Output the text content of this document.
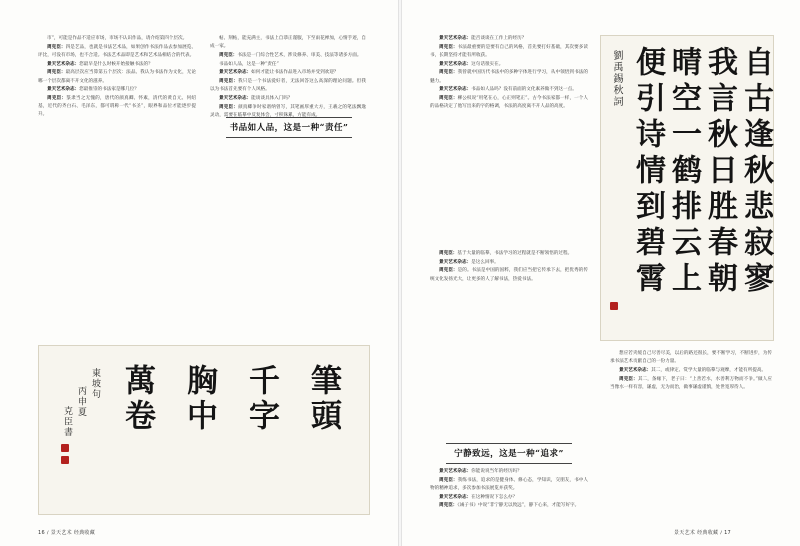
市”，可能是作品不适应市场，市场不认识作品，请介绍第四个层次。

周克臣：四是艺品，也就是书法艺术品，如果创作书法作品去参加展览、评比，可没有市场，也不合适。书法艺术品即是艺术和艺术品相结合的代表。

景天艺术杂志：您最早是什么时候开始接触书法的？

周克臣：最高层次应当算第五个层次：法品。我认为书法作为文化，无论哪一个层次都离不开文化的滋养。

景天艺术杂志：您最推崇的书法家是哪几位？

周克臣：篆隶当之无愧的，唐代的颜真卿、怀素，清代的黄自元、何绍基，近代的齐白石、毛泽东，都可谓称一代“书圣”，眼界和品位才能逐步提升。

帖、刻帖，能充满主，书法上自恭正谨服，下至雨花禅加，心情手迹，自成一家。

周克臣：书法是一门综合性艺术，涉及修养、审美、技法等诸多方面。

书品如人品，这是一种“责任”

景天艺术杂志：如何才能让书法作品进入市场并受到欢迎？

周克臣：我只是一个书法爱好者，无法回答这么高深的理论问题。但我以为书法首先要有个人风格。

景天艺术杂志：能谈谈具体入门吗？

周克臣：颜真卿争时家谱纳曾写，其笔画厚重大方，王羲之的笔法飘逸灵动，需要在临摹中反复体会，寸积铢累，方能有成。

书品如人品，这是一种“责任”
筆頭
千字
胸中
萬卷
東坡句
丙申夏
克臣書
16 / 景天艺术 经典收藏

景天艺术杂志：能否谈谈在工作上的经历？

周克臣：书法最重要的是要有自己的风格，首先要打好基础，其次要多读书，长期坚持才能有所收获。

景天艺术杂志：这句话很实在。

周克臣：我曾就中国历代书法中的多种字体进行学习，从中领悟到书法的魅力。

景天艺术杂志：书品如人品吗？没有前面的文化素养做不到这一点。

周克臣：柳公权说“用笔在心，心正则笔正”。古今书法家都一样，一个人的品格决定了他写出来的字的格调，书法的高度离不开人品的高度。

周克臣：基于大量的临摹，书法学习的过程就是不断领悟的过程。

景天艺术杂志：是这么回事。

周克臣：是的。书法是中国的国粹，我们应当把它传承下去，把优秀的传统文化发扬光大，让更多的人了解书法，热爱书法。

宁静致远，这是一种“追求”

景天艺术杂志：你能说说当年的经历吗？

周克臣：我练书法，追求的是健身体、修心态，学知识，交朋友，书中人物的精神追求，多次参加书法展览并获奖。

景天艺术杂志：在这种情况下怎么办？

周克臣：《诫子书》中说“非宁静无以致远”，静下心来，才能写好字。

自古逢秋悲寂寥
我言秋日胜春朝
晴空一鹤排云上
便引诗情到碧霄
劉禹錫秋詞

想应若夹缓自己尽善尽美，以后的路还很长，要不断学习，不断进步，为传承书法艺术贡献自己的一份力量。

景天艺术杂志：其二，或律定、赏学大量的临摹与观摩，才能有所提高。

周克臣：其二，条缘下，老子曰：“上善若水，水善利万物而不争。”做人应当像水一样有容，谦虚，无为而治，做事谦虚谨慎，处世宽厚待人。

景天艺术 经典收藏 / 17
